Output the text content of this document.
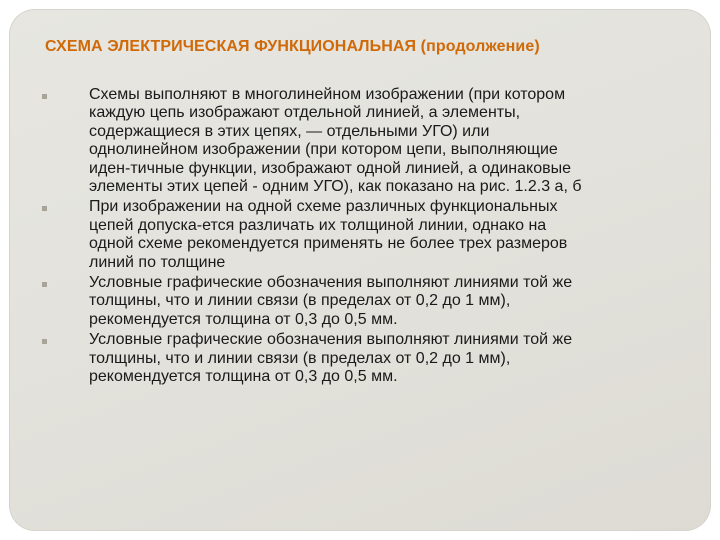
СХЕМА ЭЛЕКТРИЧЕСКАЯ ФУНКЦИОНАЛЬНАЯ (продолжение)
Схемы выполняют в многолинейном изображении (при котором
каждую цепь изображают отдельной линией, а элементы,
содержащиеся в этих цепях, — отдельными УГО) или
однолинейном изображении (при котором цепи, выполняющие
иден-тичные функции, изображают одной линией, а одинаковые
элементы этих цепей - одним УГО), как показано на рис. 1.2.3 а, б
При изображении на одной схеме различных функциональных
цепей допуска-ется различать их толщиной линии, однако на
одной схеме рекомендуется применять не более трех размеров
линий по толщине
Условные графические обозначения выполняют линиями той же
толщины, что и линии связи (в пределах от 0,2 до 1 мм),
рекомендуется толщина от 0,3 до 0,5 мм.
Условные графические обозначения выполняют линиями той же
толщины, что и линии связи (в пределах от 0,2 до 1 мм),
рекомендуется толщина от 0,3 до 0,5 мм.
